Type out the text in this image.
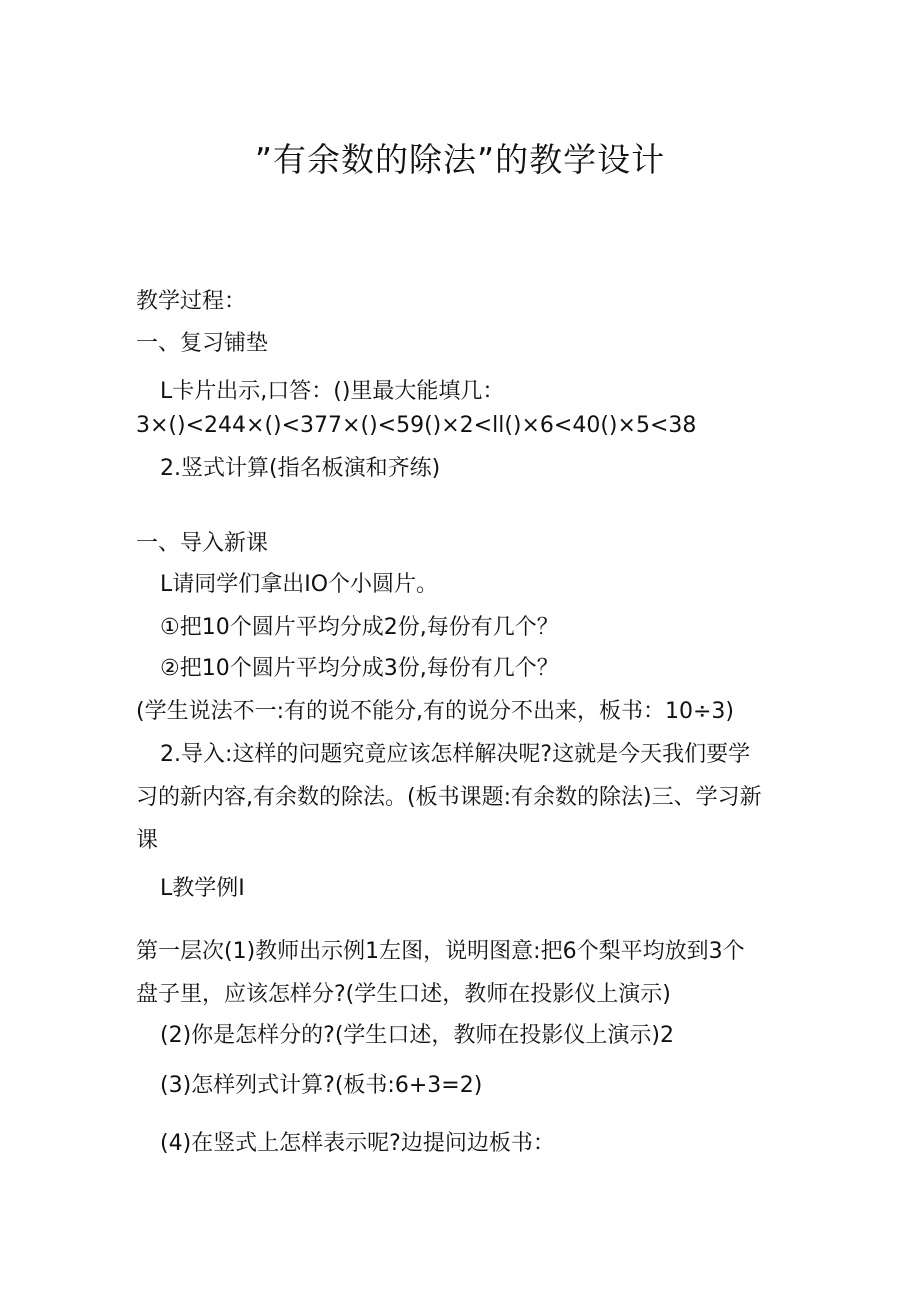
”有余数的除法”的教学设计
教学过程：
一、复习铺垫
L卡片出示,口答：()里最大能填几：
3×()<244×()<377×()<59()×2<ll()×6<40()×5<38
2.竖式计算(指名板演和齐练)
一、导入新课
L请同学们拿出IO个小圆片。
①把10个圆片平均分成2份,每份有几个？
②把10个圆片平均分成3份,每份有几个？
(学生说法不一:有的说不能分,有的说分不出来，板书：10÷3)
2.导入:这样的问题究竟应该怎样解决呢?这就是今天我们要学
习的新内容,有余数的除法。(板书课题:有余数的除法)三、学习新
课
L教学例I
第一层次(1)教师出示例1左图，说明图意:把6个梨平均放到3个
盘子里，应该怎样分?(学生口述，教师在投影仪上演示)
(2)你是怎样分的?(学生口述，教师在投影仪上演示)2
(3)怎样列式计算?(板书:6+3=2)
(4)在竖式上怎样表示呢?边提问边板书：
